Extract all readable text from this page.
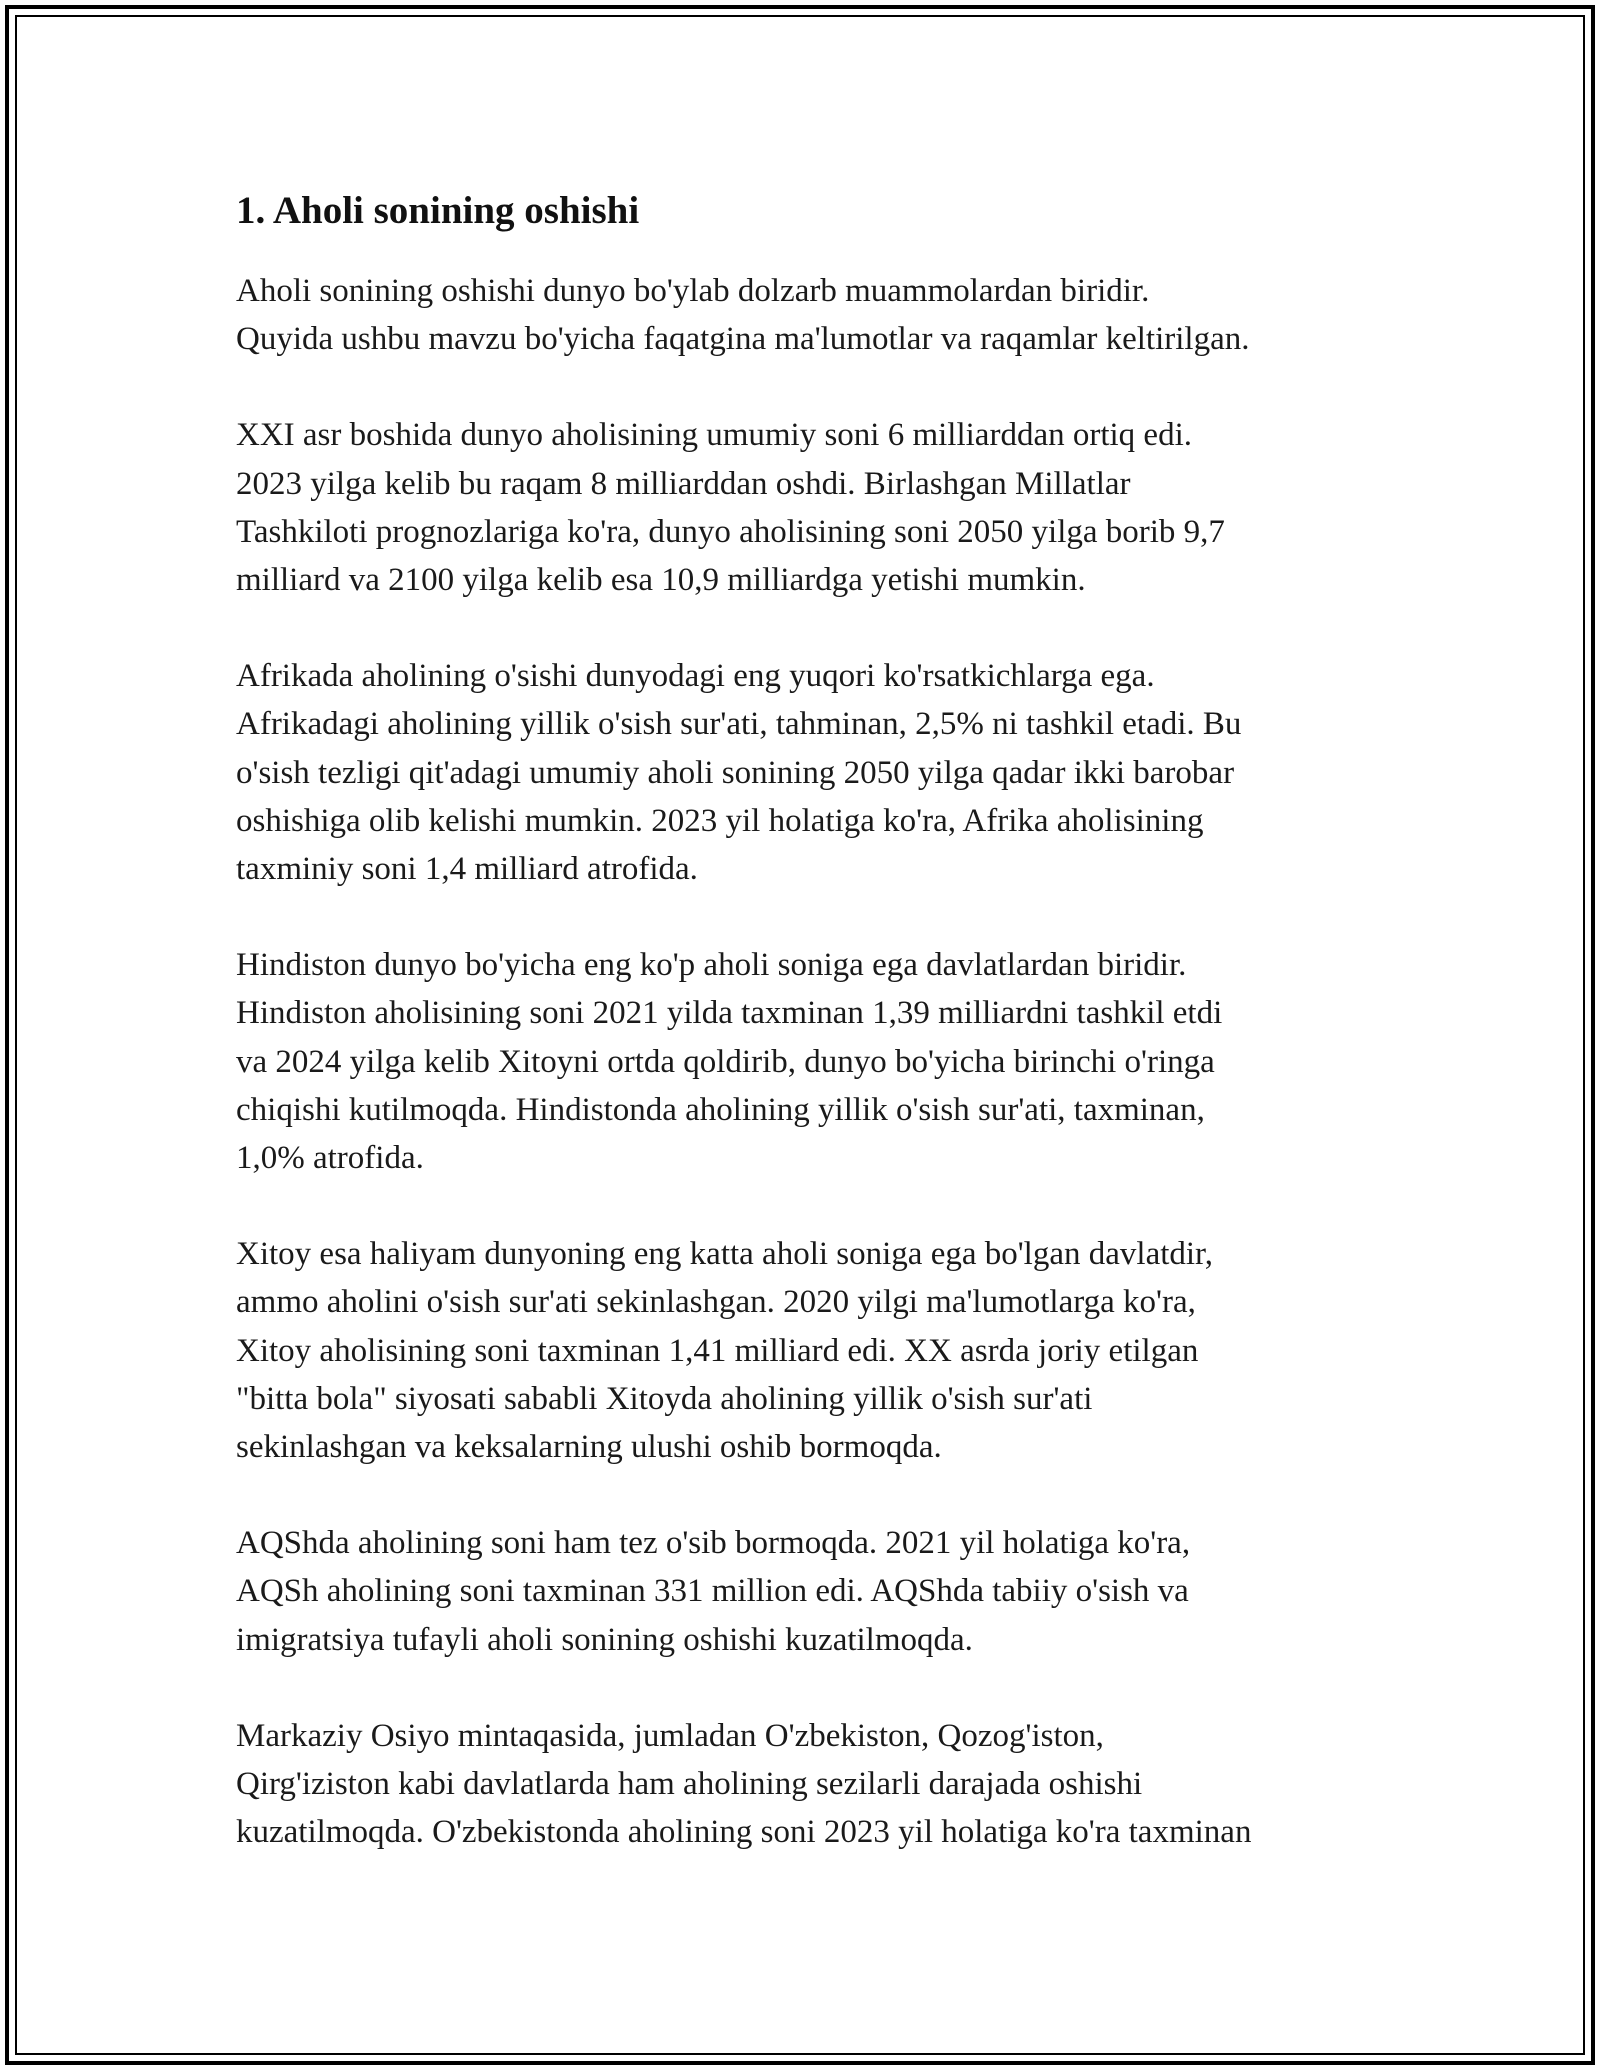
1. Aholi sonining oshishi

Aholi sonining oshishi dunyo bo'ylab dolzarb muammolardan biridir.
Quyida ushbu mavzu bo'yicha faqatgina ma'lumotlar va raqamlar keltirilgan.

XXI asr boshida dunyo aholisining umumiy soni 6 milliarddan ortiq edi.
2023 yilga kelib bu raqam 8 milliarddan oshdi. Birlashgan Millatlar
Tashkiloti prognozlariga ko'ra, dunyo aholisining soni 2050 yilga borib 9,7
milliard va 2100 yilga kelib esa 10,9 milliardga yetishi mumkin.

Afrikada aholining o'sishi dunyodagi eng yuqori ko'rsatkichlarga ega.
Afrikadagi aholining yillik o'sish sur'ati, tahminan, 2,5% ni tashkil etadi. Bu
o'sish tezligi qit'adagi umumiy aholi sonining 2050 yilga qadar ikki barobar
oshishiga olib kelishi mumkin. 2023 yil holatiga ko'ra, Afrika aholisining
taxminiy soni 1,4 milliard atrofida.

Hindiston dunyo bo'yicha eng ko'p aholi soniga ega davlatlardan biridir.
Hindiston aholisining soni 2021 yilda taxminan 1,39 milliardni tashkil etdi
va 2024 yilga kelib Xitoyni ortda qoldirib, dunyo bo'yicha birinchi o'ringa
chiqishi kutilmoqda. Hindistonda aholining yillik o'sish sur'ati, taxminan,
1,0% atrofida.

Xitoy esa haliyam dunyoning eng katta aholi soniga ega bo'lgan davlatdir,
ammo aholini o'sish sur'ati sekinlashgan. 2020 yilgi ma'lumotlarga ko'ra,
Xitoy aholisining soni taxminan 1,41 milliard edi. XX asrda joriy etilgan
"bitta bola" siyosati sababli Xitoyda aholining yillik o'sish sur'ati
sekinlashgan va keksalarning ulushi oshib bormoqda.

AQShda aholining soni ham tez o'sib bormoqda. 2021 yil holatiga ko'ra,
AQSh aholining soni taxminan 331 million edi. AQShda tabiiy o'sish va
imigratsiya tufayli aholi sonining oshishi kuzatilmoqda.

Markaziy Osiyo mintaqasida, jumladan O'zbekiston, Qozog'iston,
Qirg'iziston kabi davlatlarda ham aholining sezilarli darajada oshishi
kuzatilmoqda. O'zbekistonda aholining soni 2023 yil holatiga ko'ra taxminan
